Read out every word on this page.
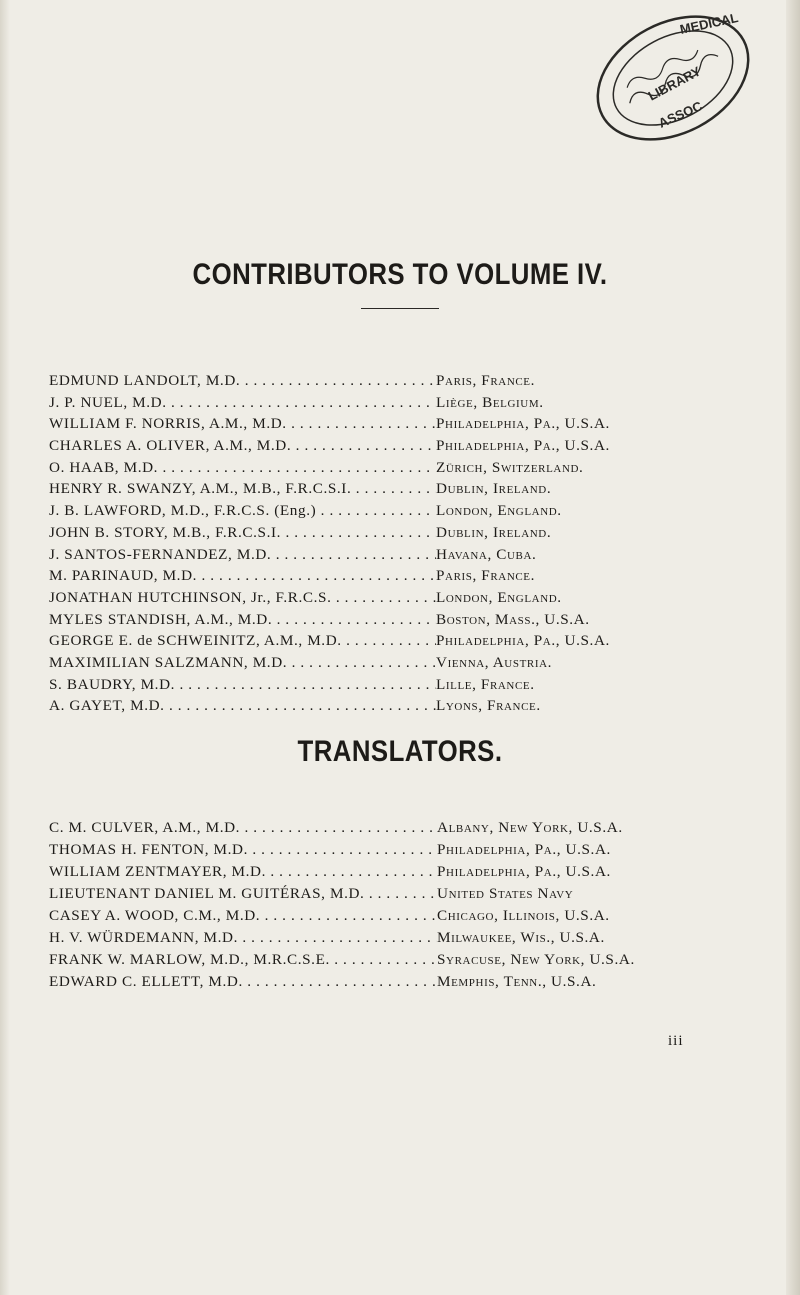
MEDICAL
ASSOC
LIBRARY
CONTRIBUTORS TO VOLUME IV.
EDMUND LANDOLT, M.D. . . .	Paris, France.
J. P. NUEL, M.D. . . .	Liège, Belgium.
WILLIAM F. NORRIS, A.M., M.D. . . .	Philadelphia, Pa., U.S.A.
CHARLES A. OLIVER, A.M., M.D. . . .	Philadelphia, Pa., U.S.A.
O. HAAB, M.D. . . .	Zürich, Switzerland.
HENRY R. SWANZY, A.M., M.B., F.R.C.S.I. . . .	Dublin, Ireland.
J. B. LAWFORD, M.D., F.R.C.S. (Eng.) . . .	London, England.
JOHN B. STORY, M.B., F.R.C.S.I. . . .	Dublin, Ireland.
J. SANTOS-FERNANDEZ, M.D. . . .	Havana, Cuba.
M. PARINAUD, M.D. . . .	Paris, France.
JONATHAN HUTCHINSON, Jr., F.R.C.S. . . .	London, England.
MYLES STANDISH, A.M., M.D. . . .	Boston, Mass., U.S.A.
GEORGE E. de SCHWEINITZ, A.M., M.D. . . .	Philadelphia, Pa., U.S.A.
MAXIMILIAN SALZMANN, M.D. . . .	Vienna, Austria.
S. BAUDRY, M.D. . . .	Lille, France.
A. GAYET, M.D. . . .	Lyons, France.
TRANSLATORS.
C. M. CULVER, A.M., M.D. . . .	Albany, New York, U.S.A.
THOMAS H. FENTON, M.D. . . .	Philadelphia, Pa., U.S.A.
WILLIAM ZENTMAYER, M.D. . . .	Philadelphia, Pa., U.S.A.
LIEUTENANT DANIEL M. GUITÉRAS, M.D. . . .	United States Navy
CASEY A. WOOD, C.M., M.D. . . .	Chicago, Illinois, U.S.A.
H. V. WÜRDEMANN, M.D. . . .	Milwaukee, Wis., U.S.A.
FRANK W. MARLOW, M.D., M.R.C.S.E. . . .	Syracuse, New York, U.S.A.
EDWARD C. ELLETT, M.D. . . .	Memphis, Tenn., U.S.A.
iii
